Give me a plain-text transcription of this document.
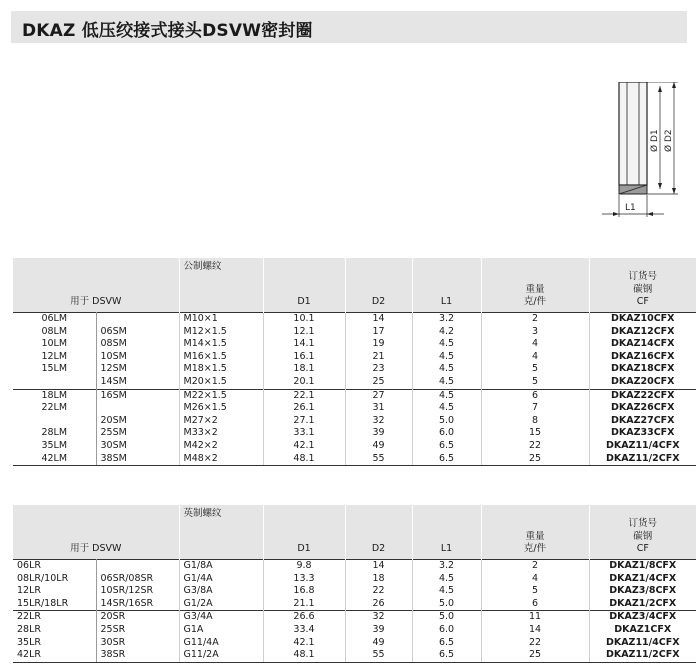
DKAZ 低压绞接式接头DSVW密封圈
Ø D1 Ø D2
L1
用于 DSVW		公制螺纹	D1	D2	L1	重量
克/件	订货号
碳钢
CF
06LM		M10×1	10.1	14	3.2	2	DKAZ10CFX
08LM	06SM	M12×1.5	12.1	17	4.2	3	DKAZ12CFX
10LM	08SM	M14×1.5	14.1	19	4.5	4	DKAZ14CFX
12LM	10SM	M16×1.5	16.1	21	4.5	4	DKAZ16CFX
15LM	12SM	M18×1.5	18.1	23	4.5	5	DKAZ18CFX
	14SM	M20×1.5	20.1	25	4.5	5	DKAZ20CFX
18LM	16SM	M22×1.5	22.1	27	4.5	6	DKAZ22CFX
22LM		M26×1.5	26.1	31	4.5	7	DKAZ26CFX
	20SM	M27×2	27.1	32	5.0	8	DKAZ27CFX
28LM	25SM	M33×2	33.1	39	6.0	15	DKAZ33CFX
35LM	30SM	M42×2	42.1	49	6.5	22	DKAZ11/4CFX
42LM	38SM	M48×2	48.1	55	6.5	25	DKAZ11/2CFX
用于 DSVW		英制螺纹	D1	D2	L1	重量
克/件	订货号
碳钢
CF
06LR		G1/8A	9.8	14	3.2	2	DKAZ1/8CFX
08LR/10LR	06SR/08SR	G1/4A	13.3	18	4.5	4	DKAZ1/4CFX
12LR	10SR/12SR	G3/8A	16.8	22	4.5	5	DKAZ3/8CFX
15LR/18LR	14SR/16SR	G1/2A	21.1	26	5.0	6	DKAZ1/2CFX
22LR	20SR	G3/4A	26.6	32	5.0	11	DKAZ3/4CFX
28LR	25SR	G1A	33.4	39	6.0	14	DKAZ1CFX
35LR	30SR	G11/4A	42.1	49	6.5	22	DKAZ11/4CFX
42LR	38SR	G11/2A	48.1	55	6.5	25	DKAZ11/2CFX
